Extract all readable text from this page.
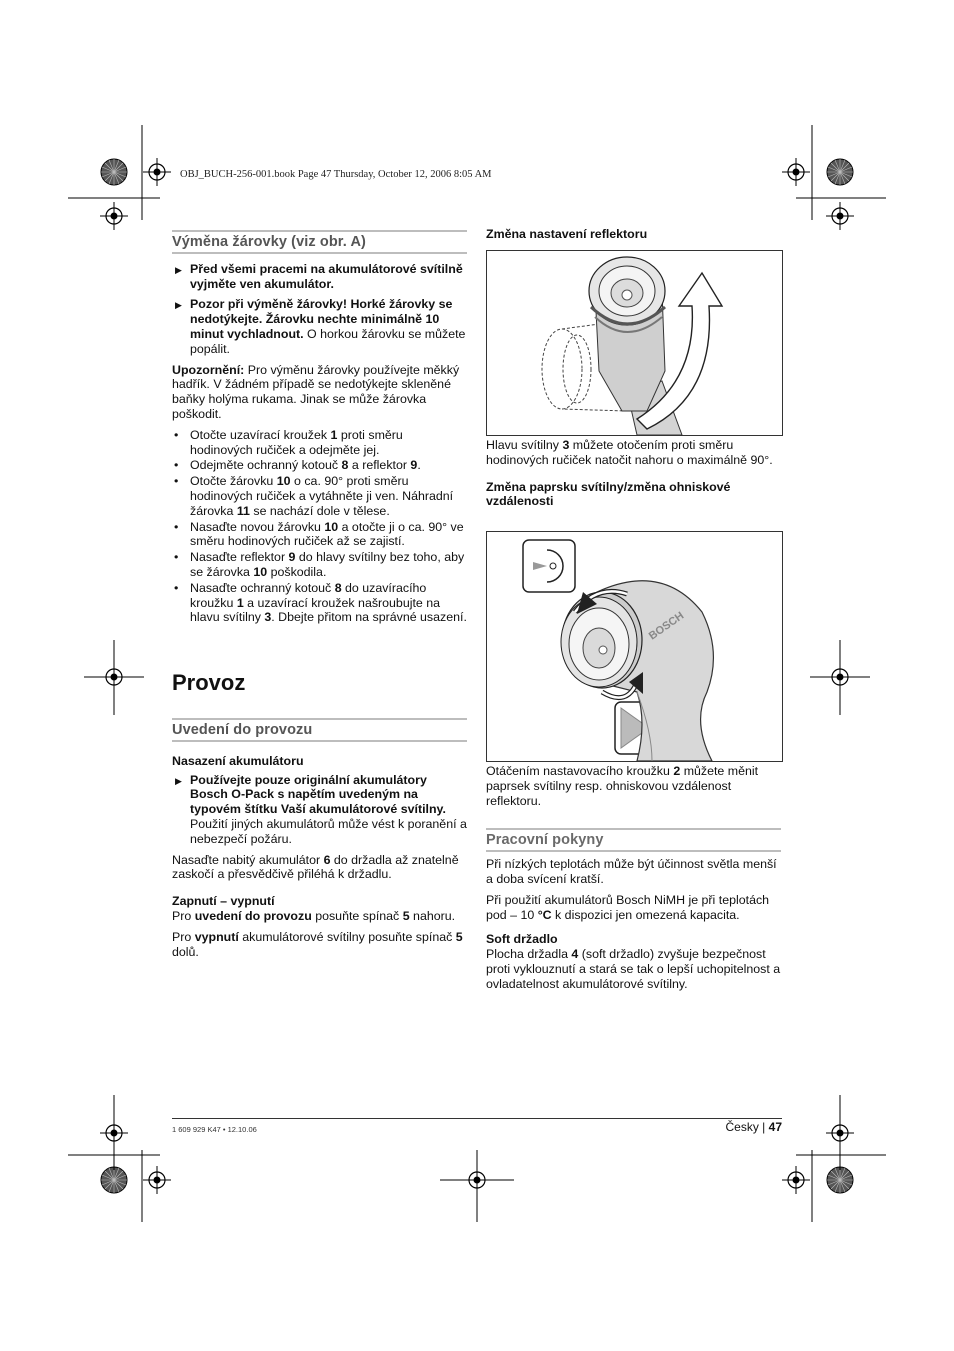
OBJ_BUCH-256-001.book Page 47 Thursday, October 12, 2006 8:05 AM
Výměna žárovky (viz obr. A)
▶ Před všemi pracemi na akumulátorové svítilně vyjměte ven akumulátor.
▶ Pozor při výměně žárovky! Horké žárovky se nedotýkejte. Žárovku nechte minimálně 10 minut vychladnout. O horkou žárovku se můžete popálit.

Upozornění: Pro výměnu žárovky používejte měkký hadřík. V žádném případě se nedotýkejte skleněné baňky holýma rukama. Jinak se může žárovka poškodit.

• Otočte uzavírací kroužek 1 proti směru hodinových ručiček a odejměte jej.
• Odejměte ochranný kotouč 8 a reflektor 9.
• Otočte žárovku 10 o ca. 90° proti směru hodinových ručiček a vytáhněte ji ven. Náhradní žárovka 11 se nachází dole v tělese.
• Nasaďte novou žárovku 10 a otočte ji o ca. 90° ve směru hodinových ručiček až se zajistí.
• Nasaďte reflektor 9 do hlavy svítilny bez toho, aby se žárovka 10 poškodila.
• Nasaďte ochranný kotouč 8 do uzavíracího kroužku 1 a uzavírací kroužek našroubujte na hlavu svítilny 3. Dbejte přitom na správné usazení.
Provoz
Uvedení do provozu

Nasazení akumulátoru

▶ Používejte pouze originální akumulátory Bosch O-Pack s napětím uvedeným na typovém štítku Vaší akumulátorové svítilny. Použití jiných akumulátorů může vést k poranění a nebezpečí požáru.

Nasaďte nabitý akumulátor 6 do držadla až znatelně zaskočí a přesvědčivě přiléhá k držadlu.

Zapnutí – vypnutí

Pro uvedení do provozu posuňte spínač 5 nahoru.

Pro vypnutí akumulátorové svítilny posuňte spínač 5 dolů.

Změna nastavení reflektoru

Hlavu svítilny 3 můžete otočením proti směru hodinových ručiček natočit nahoru o maximálně 90°.

Změna paprsku svítilny/změna ohniskové vzdálenosti

BOSCH

Otáčením nastavovacího kroužku 2 můžete měnit paprsek svítilny resp. ohniskovou vzdálenost reflektoru.

Pracovní pokyny

Při nízkých teplotách může být účinnost světla menší a doba svícení kratší.

Při použití akumulátorů Bosch NiMH je při teplotách pod – 10 °C k dispozici jen omezená kapacita.

Soft držadlo

Plocha držadla 4 (soft držadlo) zvyšuje bezpečnost proti vyklouznutí a stará se tak o lepší uchopitelnost a ovladatelnost akumulátorové svítilny.

1 609 929 K47 • 12.10.06	Česky | 47
